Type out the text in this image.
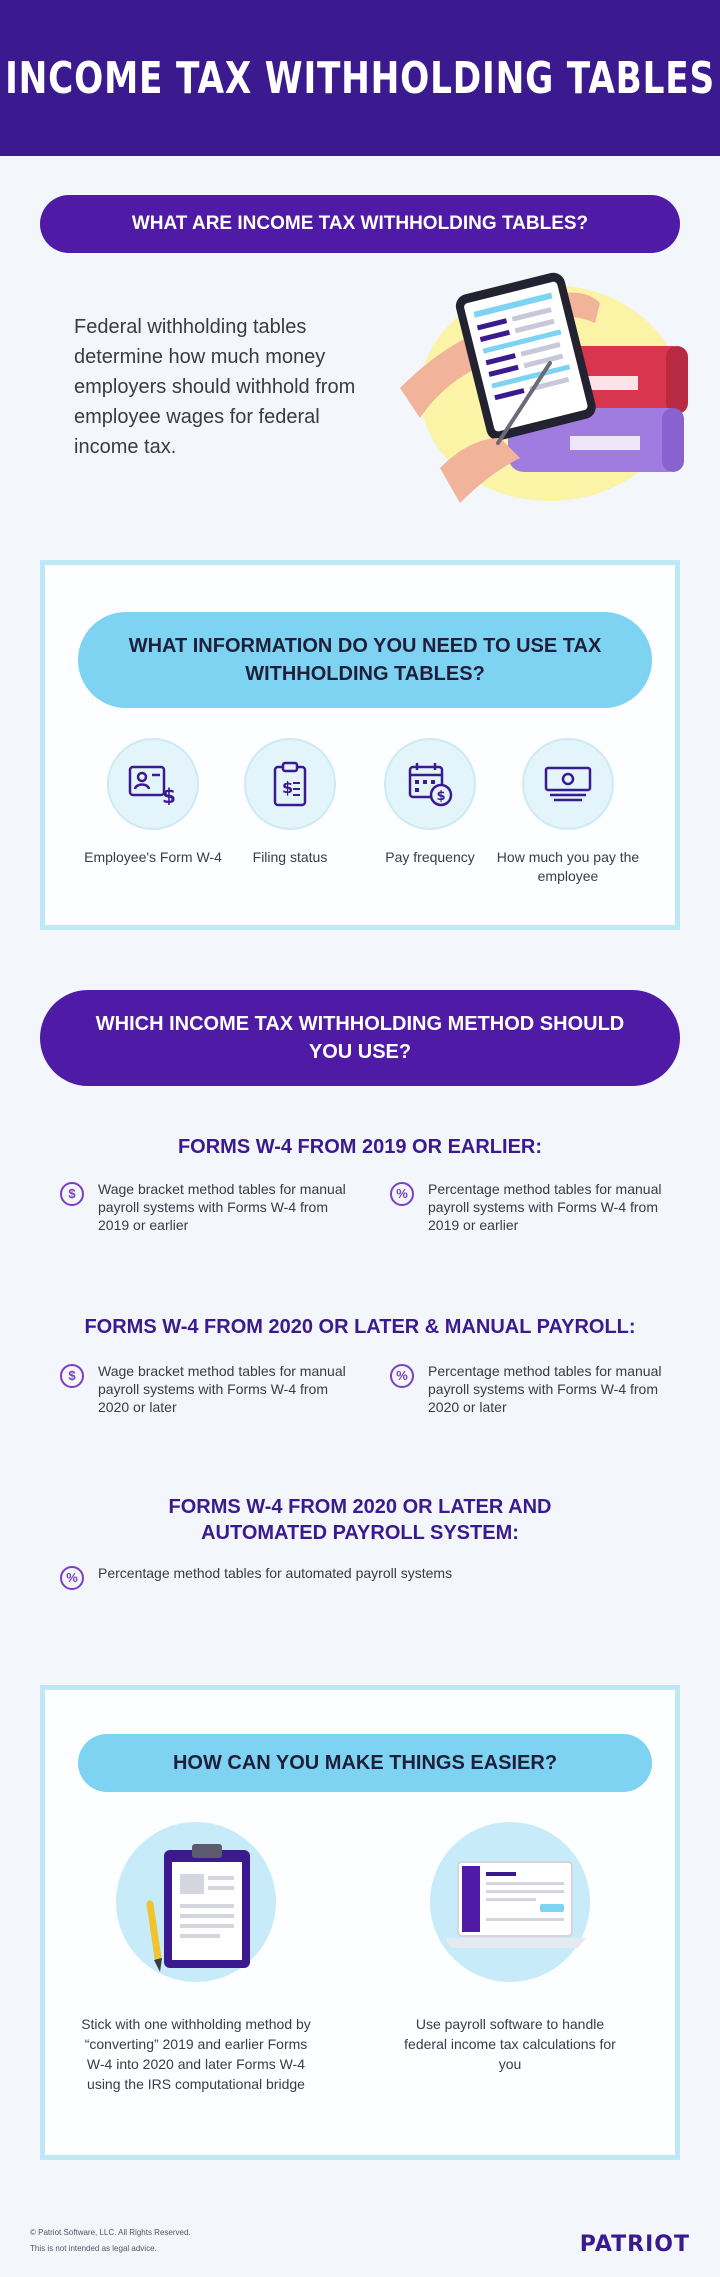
INCOME TAX WITHHOLDING TABLES
WHAT ARE INCOME TAX WITHHOLDING TABLES?
Federal withholding tables determine how much money employers should withhold from employee wages for federal income tax.
WHAT INFORMATION DO YOU NEED TO USE TAX WITHHOLDING TABLES?
$
Employee's Form W-4
$
Filing status
$
Pay frequency	How much you pay the employee
WHICH INCOME TAX WITHHOLDING METHOD SHOULD YOU USE?
FORMS W-4 FROM 2019 OR EARLIER:
$	Wage bracket method tables for manual payroll systems with Forms W-4 from 2019 or earlier
%	Percentage method tables for manual payroll systems with Forms W-4 from 2019 or earlier
FORMS W-4 FROM 2020 OR LATER & MANUAL PAYROLL:
$	Wage bracket method tables for manual payroll systems with Forms W-4 from 2020 or later
%	Percentage method tables for manual payroll systems with Forms W-4 from 2020 or later
FORMS W-4 FROM 2020 OR LATER AND AUTOMATED PAYROLL SYSTEM:
%	Percentage method tables for automated payroll systems
HOW CAN YOU MAKE THINGS EASIER?
Stick with one withholding method by “converting” 2019 and earlier Forms W-4 into 2020 and later Forms W-4 using the IRS computational bridge
Use payroll software to handle federal income tax calculations for you
© Patriot Software, LLC. All Rights Reserved.
This is not intended as legal advice.	PATRIOT
